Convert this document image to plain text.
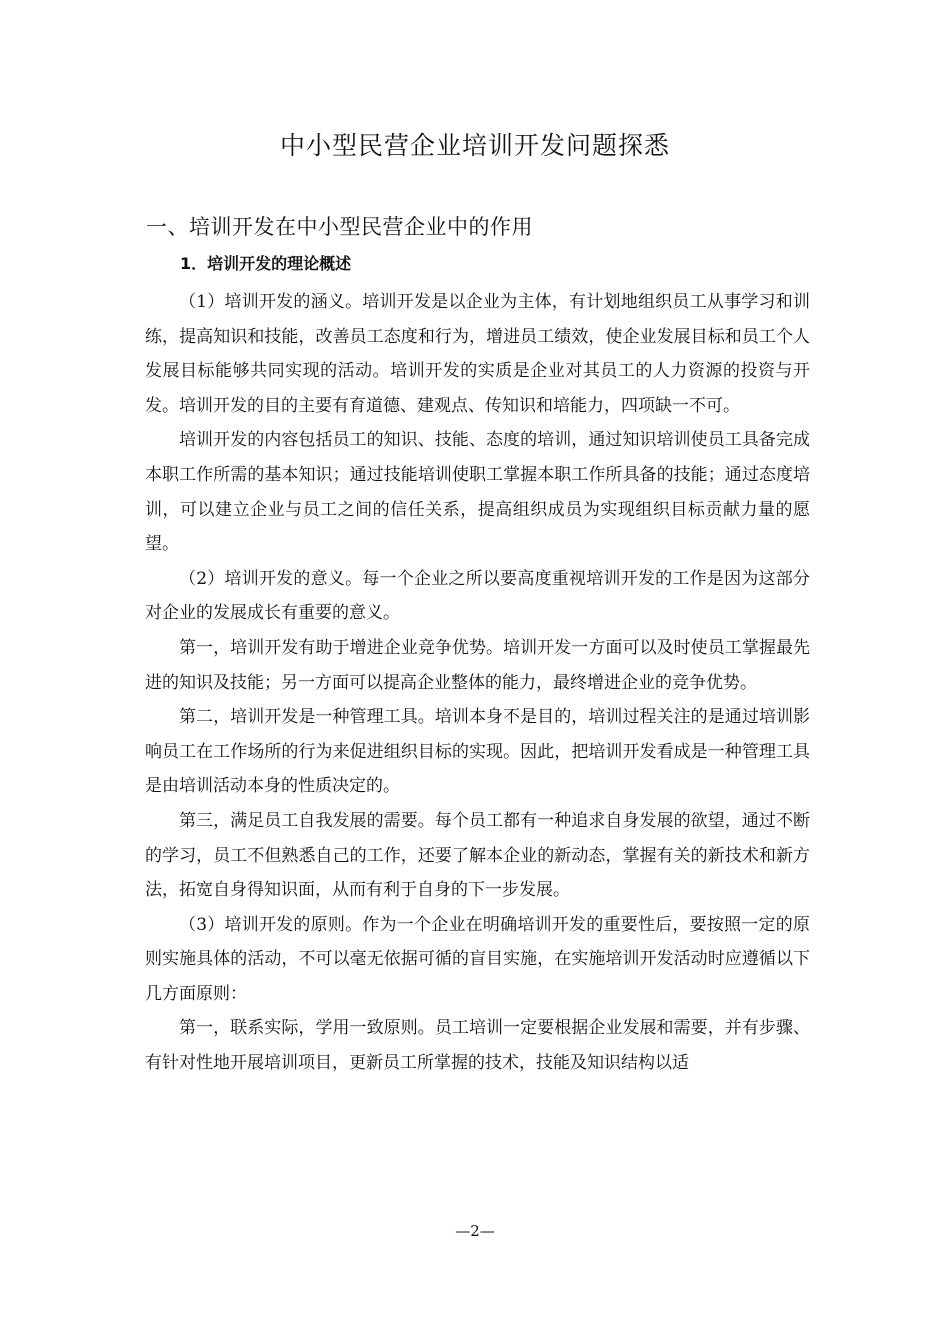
中小型民营企业培训开发问题探悉
一、培训开发在中小型民营企业中的作用
1．培训开发的理论概述

（1）培训开发的涵义。培训开发是以企业为主体，有计划地组织员工从事学习和训练，提高知识和技能，改善员工态度和行为，增进员工绩效，使企业发展目标和员工个人发展目标能够共同实现的活动。培训开发的实质是企业对其员工的人力资源的投资与开发。培训开发的目的主要有育道德、建观点、传知识和培能力，四项缺一不可。

培训开发的内容包括员工的知识、技能、态度的培训，通过知识培训使员工具备完成本职工作所需的基本知识；通过技能培训使职工掌握本职工作所具备的技能；通过态度培训，可以建立企业与员工之间的信任关系，提高组织成员为实现组织目标贡献力量的愿望。

（2）培训开发的意义。每一个企业之所以要高度重视培训开发的工作是因为这部分对企业的发展成长有重要的意义。

第一，培训开发有助于增进企业竞争优势。培训开发一方面可以及时使员工掌握最先进的知识及技能；另一方面可以提高企业整体的能力，最终增进企业的竞争优势。

第二，培训开发是一种管理工具。培训本身不是目的，培训过程关注的是通过培训影响员工在工作场所的行为来促进组织目标的实现。因此，把培训开发看成是一种管理工具是由培训活动本身的性质决定的。

第三，满足员工自我发展的需要。每个员工都有一种追求自身发展的欲望，通过不断的学习，员工不但熟悉自己的工作，还要了解本企业的新动态，掌握有关的新技术和新方法，拓宽自身得知识面，从而有利于自身的下一步发展。

（3）培训开发的原则。作为一个企业在明确培训开发的重要性后，要按照一定的原则实施具体的活动，不可以毫无依据可循的盲目实施，在实施培训开发活动时应遵循以下几方面原则：

第一，联系实际，学用一致原则。员工培训一定要根据企业发展和需要，并有步骤、有针对性地开展培训项目，更新员工所掌握的技术，技能及知识结构以适

—2—
